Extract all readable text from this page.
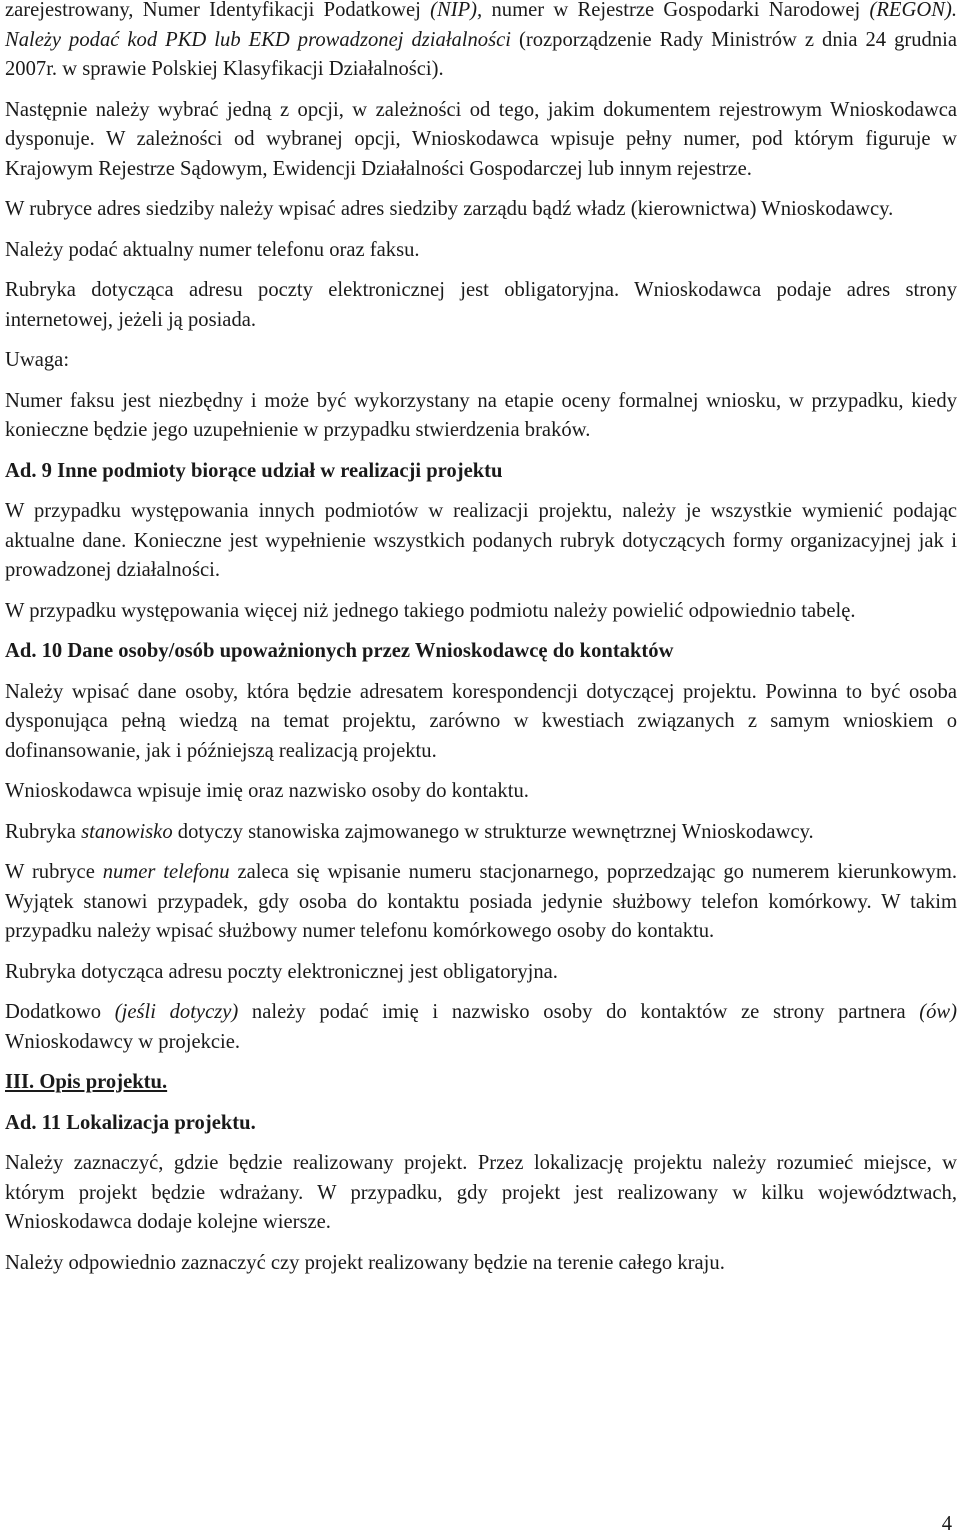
zarejestrowany, Numer Identyfikacji Podatkowej (NIP), numer w Rejestrze Gospodarki Narodowej (REGON). Należy podać kod PKD lub EKD prowadzonej działalności (rozporządzenie Rady Ministrów z dnia 24 grudnia 2007r. w sprawie Polskiej Klasyfikacji Działalności).

Następnie należy wybrać jedną z opcji, w zależności od tego, jakim dokumentem rejestrowym Wnioskodawca dysponuje. W zależności od wybranej opcji, Wnioskodawca wpisuje pełny numer, pod którym figuruje w Krajowym Rejestrze Sądowym, Ewidencji Działalności Gospodarczej lub innym rejestrze.

W rubryce adres siedziby należy wpisać adres siedziby zarządu bądź władz (kierownictwa) Wnioskodawcy.

Należy podać aktualny numer telefonu oraz faksu.

Rubryka dotycząca adresu poczty elektronicznej jest obligatoryjna. Wnioskodawca podaje adres strony internetowej, jeżeli ją posiada.

Uwaga:

Numer faksu jest niezbędny i może być wykorzystany na etapie oceny formalnej wniosku, w przypadku, kiedy konieczne będzie jego uzupełnienie w przypadku stwierdzenia braków.

Ad. 9 Inne podmioty biorące udział w realizacji projektu

W przypadku występowania innych podmiotów w realizacji projektu, należy je wszystkie wymienić podając aktualne dane. Konieczne jest wypełnienie wszystkich podanych rubryk dotyczących formy organizacyjnej jak i prowadzonej działalności.

W przypadku występowania więcej niż jednego takiego podmiotu należy powielić odpowiednio tabelę.

Ad. 10 Dane osoby/osób upoważnionych przez Wnioskodawcę do kontaktów

Należy wpisać dane osoby, która będzie adresatem korespondencji dotyczącej projektu. Powinna to być osoba dysponująca pełną wiedzą na temat projektu, zarówno w kwestiach związanych z samym wnioskiem o dofinansowanie, jak i późniejszą realizacją projektu.

Wnioskodawca wpisuje imię oraz nazwisko osoby do kontaktu.

Rubryka stanowisko dotyczy stanowiska zajmowanego w strukturze wewnętrznej Wnioskodawcy.

W rubryce numer telefonu zaleca się wpisanie numeru stacjonarnego, poprzedzając go numerem kierunkowym. Wyjątek stanowi przypadek, gdy osoba do kontaktu posiada jedynie służbowy telefon komórkowy. W takim przypadku należy wpisać służbowy numer telefonu komórkowego osoby do kontaktu.

Rubryka dotycząca adresu poczty elektronicznej jest obligatoryjna.

Dodatkowo (jeśli dotyczy) należy podać imię i nazwisko osoby do kontaktów ze strony partnera (ów) Wnioskodawcy w projekcie.

III. Opis projektu.

Ad. 11 Lokalizacja projektu.

Należy zaznaczyć, gdzie będzie realizowany projekt. Przez lokalizację projektu należy rozumieć miejsce, w którym projekt będzie wdrażany. W przypadku, gdy projekt jest realizowany w kilku województwach, Wnioskodawca dodaje kolejne wiersze.

Należy odpowiednio zaznaczyć czy projekt realizowany będzie na terenie całego kraju.

4
